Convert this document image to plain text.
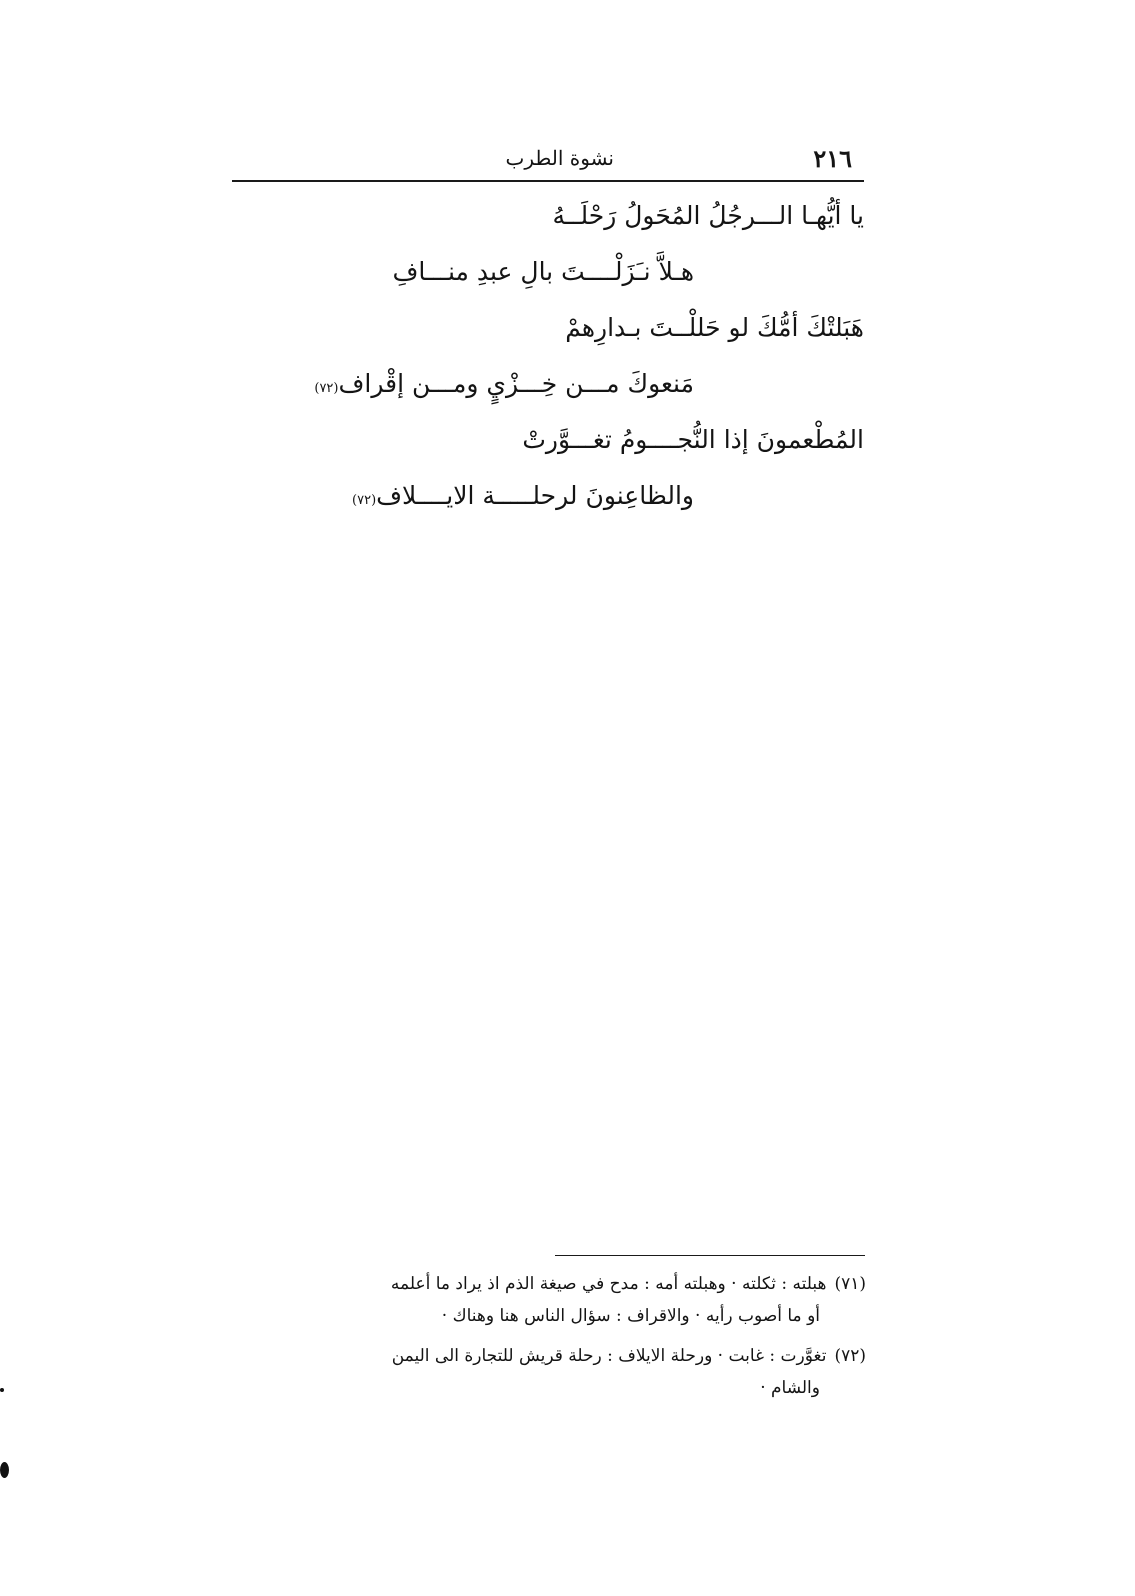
٢١٦
نشوة الطرب
يا أيُّهـا الـــرجُلُ المُحَولُ رَحْلَــهُ
هـلاَّ نـَزَلْــــتَ بالِ عبدِ منـــافِ
هَبَلتْكَ أمُّكَ لو حَللْــتَ بـدارِهمْ
مَنعوكَ مـــن خِـــزْيٍ ومـــن إقْراف(٧٢)
المُطْعمونَ إذا النُّجــــومُ تغـــوَّرتْ
والظاعِنونَ لرحلـــــة الايــــلاف(٧٢)
(٧١)هبلته : ثكلته · وهبلته أمه : مدح في صيغة الذم اذ يراد ما أعلمه
أو ما أصوب رأيه · والاقراف : سؤال الناس هنا وهناك ·
(٧٢)تغوَّرت : غابت · ورحلة الايلاف : رحلة قريش للتجارة الى اليمن
والشام ·
